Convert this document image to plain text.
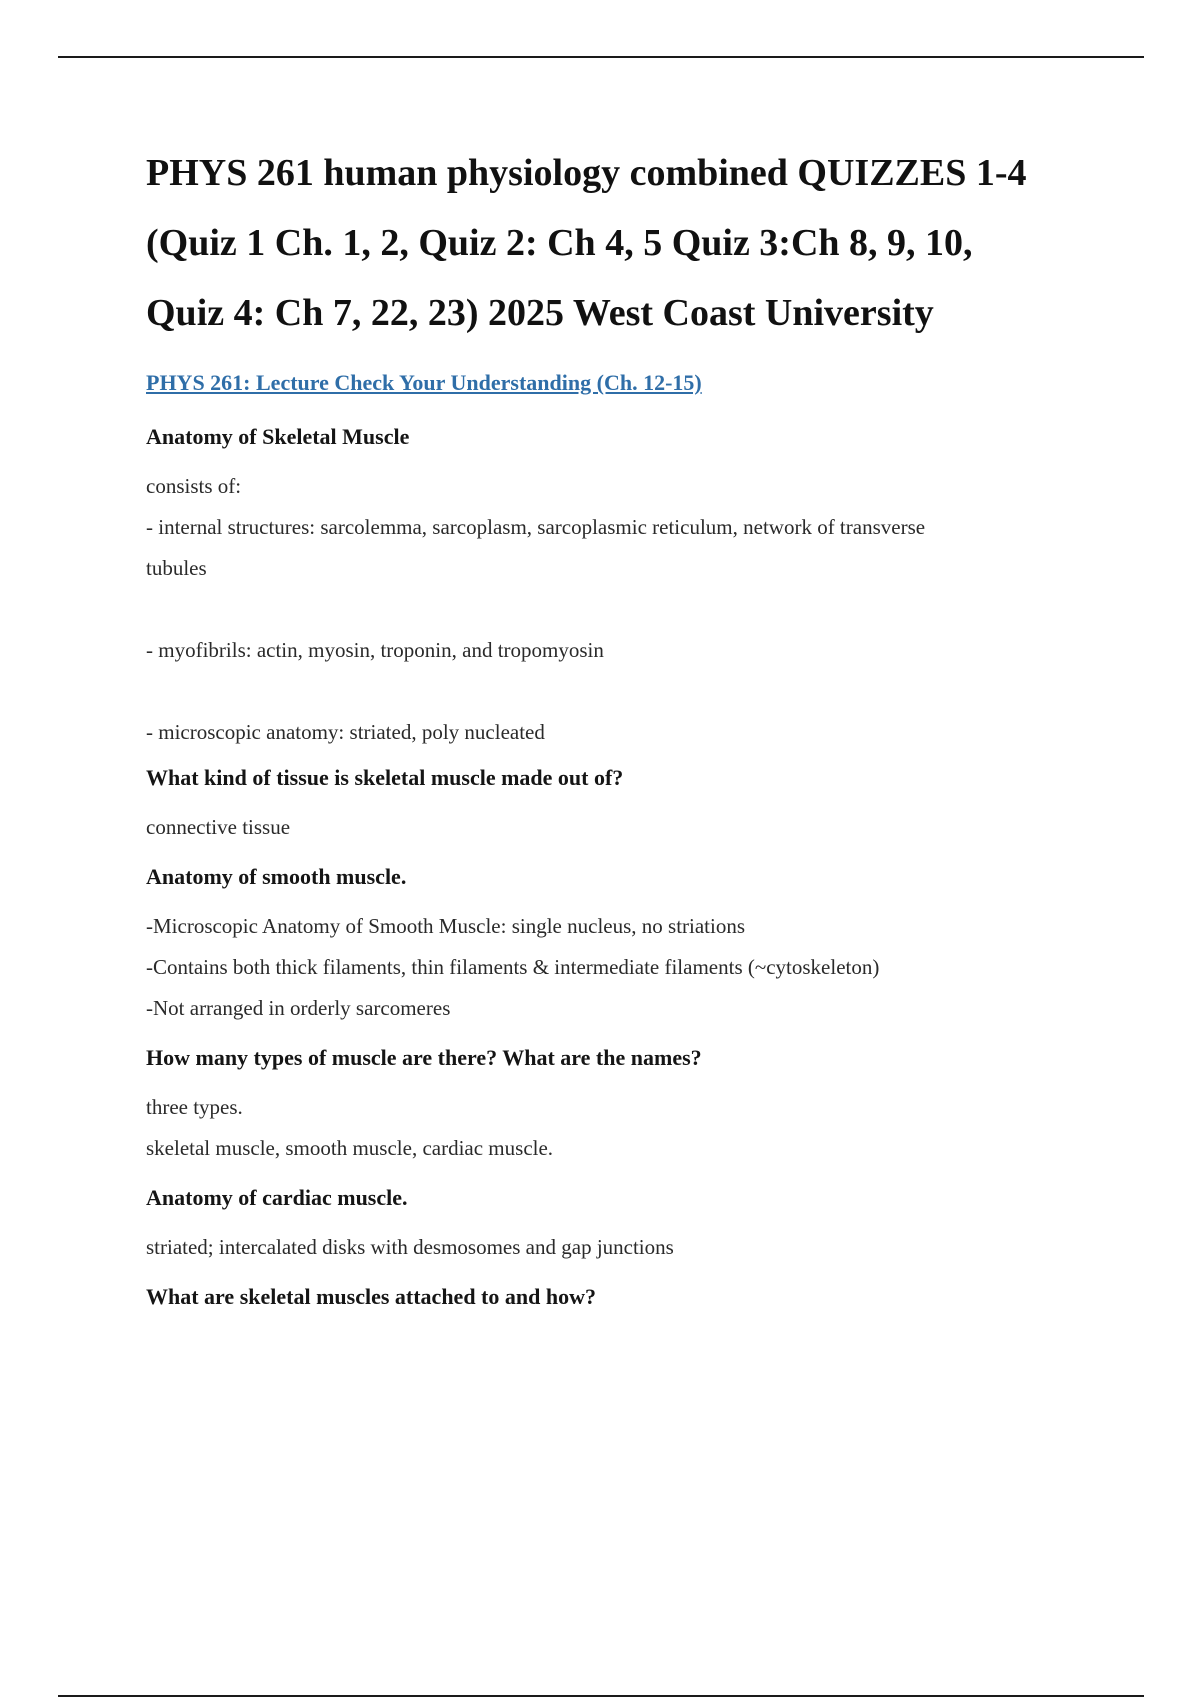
PHYS 261 human physiology combined QUIZZES 1-4
(Quiz 1 Ch. 1, 2, Quiz 2: Ch 4, 5 Quiz 3:Ch 8, 9, 10,
Quiz 4: Ch 7, 22, 23) 2025 West Coast University
PHYS 261: Lecture Check Your Understanding (Ch. 12-15)

Anatomy of Skeletal Muscle

consists of:

- internal structures: sarcolemma, sarcoplasm, sarcoplasmic reticulum, network of transverse

tubules

- myofibrils: actin, myosin, troponin, and tropomyosin

- microscopic anatomy: striated, poly nucleated

What kind of tissue is skeletal muscle made out of?

connective tissue

Anatomy of smooth muscle.

-Microscopic Anatomy of Smooth Muscle: single nucleus, no striations

-Contains both thick filaments, thin filaments & intermediate filaments (~cytoskeleton)

-Not arranged in orderly sarcomeres

How many types of muscle are there? What are the names?

three types.

skeletal muscle, smooth muscle, cardiac muscle.

Anatomy of cardiac muscle.

striated; intercalated disks with desmosomes and gap junctions

What are skeletal muscles attached to and how?
